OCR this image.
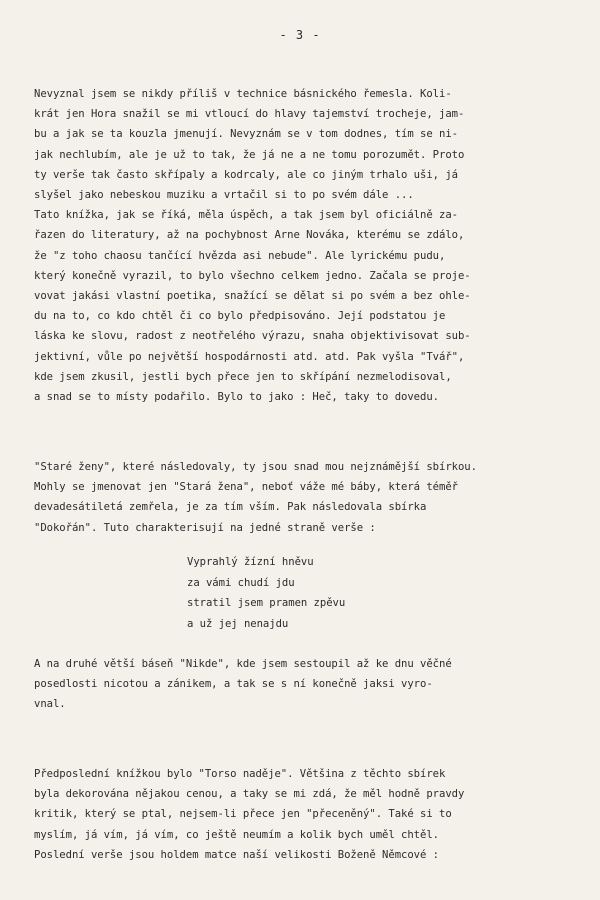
- 3 -

Nevyznal jsem se nikdy příliš v technice básnického řemesla. Koli-
krát jen Hora snažil se mi vtloucí do hlavy tajemství trocheje, jam-
bu a jak se ta kouzla jmenují. Nevyznám se v tom dodnes, tím se ni-
jak nechlubím, ale je už to tak, že já ne a ne tomu porozumět. Proto
ty verše tak často skřípaly a kodrcaly, ale co jiným trhalo uši, já
slyšel jako nebeskou muziku a vrtačil si to po svém dále ...
Tato knížka, jak se říká, měla úspěch, a tak jsem byl oficiálně za-
řazen do literatury, až na pochybnost Arne Nováka, kterému se zdálo,
že "z toho chaosu tančící hvězda asi nebude". Ale lyrickému pudu,
který konečně vyrazil, to bylo všechno celkem jedno. Začala se proje-
vovat jakási vlastní poetika, snažící se dělat si po svém a bez ohle-
du na to, co kdo chtěl či co bylo předpisováno. Její podstatou je
láska ke slovu, radost z neotřelého výrazu, snaha objektivisovat sub-
jektivní, vůle po největší hospodárnosti atd. atd. Pak vyšla "Tvář",
kde jsem zkusil, jestli bych přece jen to skřípání nezmelodisoval,
a snad se to místy podařilo. Bylo to jako : Heč, taky to dovedu.

"Staré ženy", které následovaly, ty jsou snad mou nejznámější sbírkou.
Mohly se jmenovat jen "Stará žena", neboť váže mé báby, která téměř
devadesátiletá zemřela, je za tím vším. Pak následovala sbírka
"Dokořán". Tuto charakterisují na jedné straně verše :

Vyprahlý žízní hněvu
za vámi chudí jdu
stratil jsem pramen zpěvu
a už jej nenajdu

A na druhé větší báseň "Nikde", kde jsem sestoupil až ke dnu věčné
posedlosti nicotou a zánikem, a tak se s ní konečně jaksi vyro-
vnal.

Předposlední knížkou bylo "Torso naděje". Většina z těchto sbírek
byla dekorována nějakou cenou, a taky se mi zdá, že měl hodně pravdy
kritik, který se ptal, nejsem-li přece jen "přeceněný". Také si to
myslím, já vím, já vím, co ještě neumím a kolik bych uměl chtěl.
Poslední verše jsou holdem matce naší velikosti Boženě Němcové :
